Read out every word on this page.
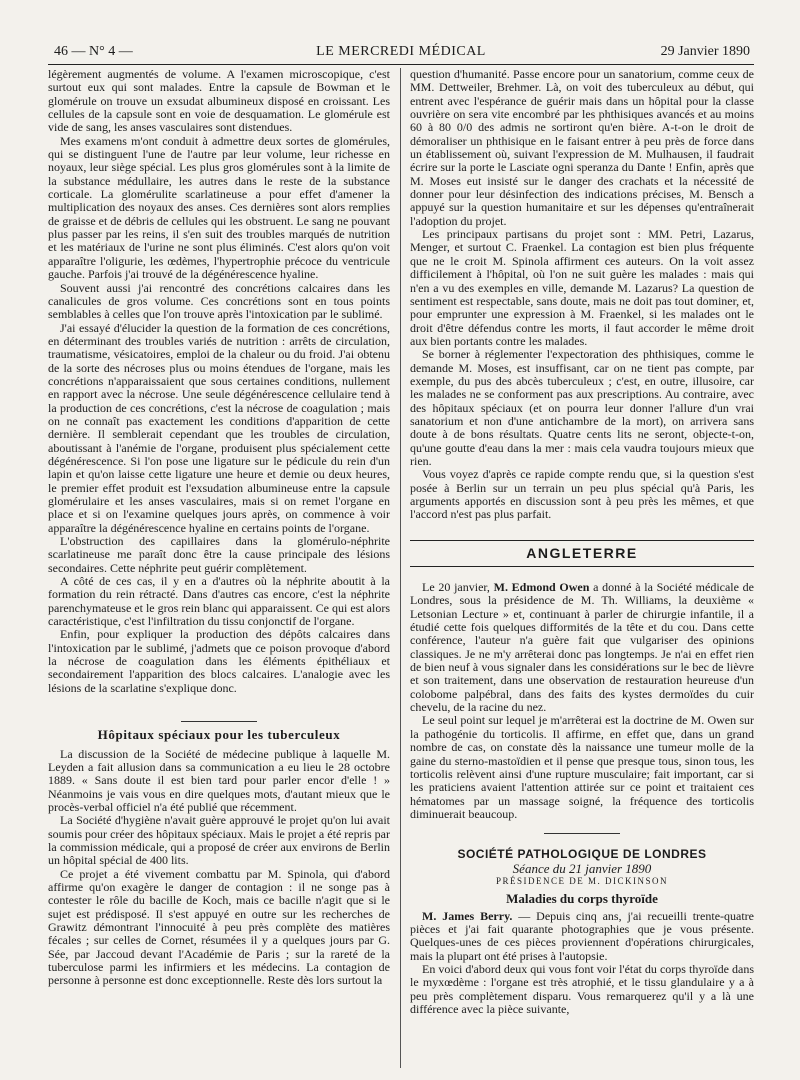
46 — N° 4 —	LE MERCREDI MÉDICAL	29 Janvier 1890

légèrement augmentés de volume. A l'examen microscopique, c'est surtout eux qui sont malades. Entre la capsule de Bowman et le glomérule on trouve un exsudat albumineux disposé en croissant. Les cellules de la capsule sont en voie de desquamation. Le glomérule est vide de sang, les anses vasculaires sont distendues.

Mes examens m'ont conduit à admettre deux sortes de glomérules, qui se distinguent l'une de l'autre par leur volume, leur richesse en noyaux, leur siège spécial. Les plus gros glomérules sont à la limite de la substance médullaire, les autres dans le reste de la substance corticale. La glomérulite scarlatineuse a pour effet d'amener la multiplication des noyaux des anses. Ces dernières sont alors remplies de graisse et de débris de cellules qui les obstruent. Le sang ne pouvant plus passer par les reins, il s'en suit des troubles marqués de nutrition et les matériaux de l'urine ne sont plus éliminés. C'est alors qu'on voit apparaître l'oligurie, les œdèmes, l'hypertrophie précoce du ventricule gauche. Parfois j'ai trouvé de la dégénérescence hyaline.

Souvent aussi j'ai rencontré des concrétions calcaires dans les canalicules de gros volume. Ces concrétions sont en tous points semblables à celles que l'on trouve après l'intoxication par le sublimé.

J'ai essayé d'élucider la question de la formation de ces concrétions, en déterminant des troubles variés de nutrition : arrêts de circulation, traumatisme, vésicatoires, emploi de la chaleur ou du froid. J'ai obtenu de la sorte des nécroses plus ou moins étendues de l'organe, mais les concrétions n'apparaissaient que sous certaines conditions, nullement en rapport avec la nécrose. Une seule dégénérescence cellulaire tend à la production de ces concrétions, c'est la nécrose de coagulation ; mais on ne connaît pas exactement les conditions d'apparition de cette dernière. Il semblerait cependant que les troubles de circulation, aboutissant à l'anémie de l'organe, produisent plus spécialement cette dégénérescence. Si l'on pose une ligature sur le pédicule du rein d'un lapin et qu'on laisse cette ligature une heure et demie ou deux heures, le premier effet produit est l'exsudation albumineuse entre la capsule glomérulaire et les anses vasculaires, mais si on remet l'organe en place et si on l'examine quelques jours après, on commence à voir apparaître la dégénérescence hyaline en certains points de l'organe.

L'obstruction des capillaires dans la glomérulo-néphrite scarlatineuse me paraît donc être la cause principale des lésions secondaires. Cette néphrite peut guérir complètement.

A côté de ces cas, il y en a d'autres où la néphrite aboutit à la formation du rein rétracté. Dans d'autres cas encore, c'est la néphrite parenchymateuse et le gros rein blanc qui apparaissent. Ce qui est alors caractéristique, c'est l'infiltration du tissu conjonctif de l'organe.

Enfin, pour expliquer la production des dépôts calcaires dans l'intoxication par le sublimé, j'admets que ce poison provoque d'abord la nécrose de coagulation dans les éléments épithéliaux et secondairement l'apparition des blocs calcaires. L'analogie avec les lésions de la scarlatine s'explique donc.

Hôpitaux spéciaux pour les tuberculeux

La discussion de la Société de médecine publique à laquelle M. Leyden a fait allusion dans sa communication a eu lieu le 28 octobre 1889. « Sans doute il est bien tard pour parler encor d'elle ! » Néanmoins je vais vous en dire quelques mots, d'autant mieux que le procès-verbal officiel n'a été publié que récemment.

La Société d'hygiène n'avait guère approuvé le projet qu'on lui avait soumis pour créer des hôpitaux spéciaux. Mais le projet a été repris par la commission médicale, qui a proposé de créer aux environs de Berlin un hôpital spécial de 400 lits.

Ce projet a été vivement combattu par M. Spinola, qui d'abord affirme qu'on exagère le danger de contagion : il ne songe pas à contester le rôle du bacille de Koch, mais ce bacille n'agit que si le sujet est prédisposé. Il s'est appuyé en outre sur les recherches de Grawitz démontrant l'innocuité à peu près complète des matières fécales ; sur celles de Cornet, résumées il y a quelques jours par G. Sée, par Jaccoud devant l'Académie de Paris ; sur la rareté de la tuberculose parmi les infirmiers et les médecins. La contagion de personne à personne est donc exceptionnelle. Reste dès lors surtout la

question d'humanité. Passe encore pour un sanatorium, comme ceux de MM. Dettweiler, Brehmer. Là, on voit des tuberculeux au début, qui entrent avec l'espérance de guérir mais dans un hôpital pour la classe ouvrière on sera vite encombré par les phthisiques avancés et au moins 60 à 80 0/0 des admis ne sortiront qu'en bière. A-t-on le droit de démoraliser un phthisique en le faisant entrer à peu près de force dans un établissement où, suivant l'expression de M. Mulhausen, il faudrait écrire sur la porte le Lasciate ogni speranza du Dante ! Enfin, après que M. Moses eut insisté sur le danger des crachats et la nécessité de donner pour leur désinfection des indications précises, M. Bensch a appuyé sur la question humanitaire et sur les dépenses qu'entraînerait l'adoption du projet.

Les principaux partisans du projet sont : MM. Petri, Lazarus, Menger, et surtout C. Fraenkel. La contagion est bien plus fréquente que ne le croit M. Spinola affirment ces auteurs. On la voit assez difficilement à l'hôpital, où l'on ne suit guère les malades : mais qui n'en a vu des exemples en ville, demande M. Lazarus? La question de sentiment est respectable, sans doute, mais ne doit pas tout dominer, et, pour emprunter une expression à M. Fraenkel, si les malades ont le droit d'être défendus contre les morts, il faut accorder le même droit aux bien portants contre les malades.

Se borner à réglementer l'expectoration des phthisiques, comme le demande M. Moses, est insuffisant, car on ne tient pas compte, par exemple, du pus des abcès tuberculeux ; c'est, en outre, illusoire, car les malades ne se conforment pas aux prescriptions. Au contraire, avec des hôpitaux spéciaux (et on pourra leur donner l'allure d'un vrai sanatorium et non d'une antichambre de la mort), on arrivera sans doute à de bons résultats. Quatre cents lits ne seront, objecte-t-on, qu'une goutte d'eau dans la mer : mais cela vaudra toujours mieux que rien.

Vous voyez d'après ce rapide compte rendu que, si la question s'est posée à Berlin sur un terrain un peu plus spécial qu'à Paris, les arguments apportés en discussion sont à peu près les mêmes, et que l'accord n'est pas plus parfait.

ANGLETERRE

Le 20 janvier, M. Edmond Owen a donné à la Société médicale de Londres, sous la présidence de M. Th. Williams, la deuxième « Letsonian Lecture » et, continuant à parler de chirurgie infantile, il a étudié cette fois quelques difformités de la tête et du cou. Dans cette conférence, l'auteur n'a guère fait que vulgariser des opinions classiques. Je ne m'y arrêterai donc pas longtemps. Je n'ai en effet rien de bien neuf à vous signaler dans les considérations sur le bec de lièvre et son traitement, dans une observation de restauration heureuse d'un colobome palpébral, dans des faits des kystes dermoïdes du cuir chevelu, de la racine du nez.

Le seul point sur lequel je m'arrêterai est la doctrine de M. Owen sur la pathogénie du torticolis. Il affirme, en effet que, dans un grand nombre de cas, on constate dès la naissance une tumeur molle de la gaine du sterno-mastoïdien et il pense que presque tous, sinon tous, les torticolis relèvent ainsi d'une rupture musculaire; fait important, car si les praticiens avaient l'attention attirée sur ce point et traitaient ces hématomes par un massage soigné, la fréquence des torticolis diminuerait beaucoup.

SOCIÉTÉ PATHOLOGIQUE DE LONDRES
Séance du 21 janvier 1890
PRÉSIDENCE DE M. DICKINSON
Maladies du corps thyroïde

M. James Berry. — Depuis cinq ans, j'ai recueilli trente-quatre pièces et j'ai fait quarante photographies que je vous présente. Quelques-unes de ces pièces proviennent d'opérations chirurgicales, mais la plupart ont été prises à l'autopsie.

En voici d'abord deux qui vous font voir l'état du corps thyroïde dans le myxœdème : l'organe est très atrophié, et le tissu glandulaire y a à peu près complètement disparu. Vous remarquerez qu'il y a là une différence avec la pièce suivante,
